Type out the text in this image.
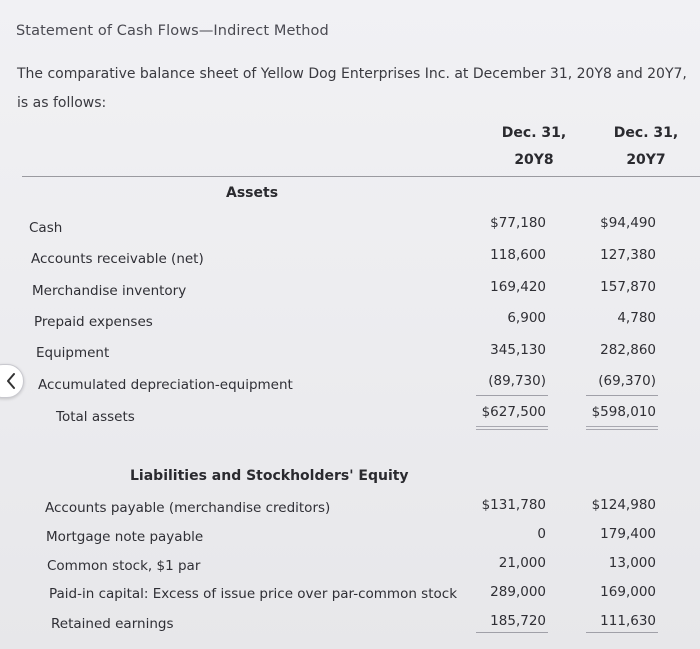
Statement of Cash Flows—Indirect Method
The comparative balance sheet of Yellow Dog Enterprises Inc. at December 31, 20Y8 and 20Y7, is as follows:
Dec. 31,
20Y8
Dec. 31,
20Y7
Assets
Cash	$77,180	$94,490
Accounts receivable (net)	118,600	127,380
Merchandise inventory	169,420	157,870
Prepaid expenses	6,900	4,780
Equipment	345,130	282,860
Accumulated depreciation-equipment	(89,730)	(69,370)
Total assets	$627,500	$598,010
Liabilities and Stockholders' Equity
Accounts payable (merchandise creditors)	$131,780	$124,980
Mortgage note payable	0	179,400
Common stock, $1 par	21,000	13,000
Paid-in capital: Excess of issue price over par-common stock	289,000	169,000
Retained earnings	185,720	111,630
